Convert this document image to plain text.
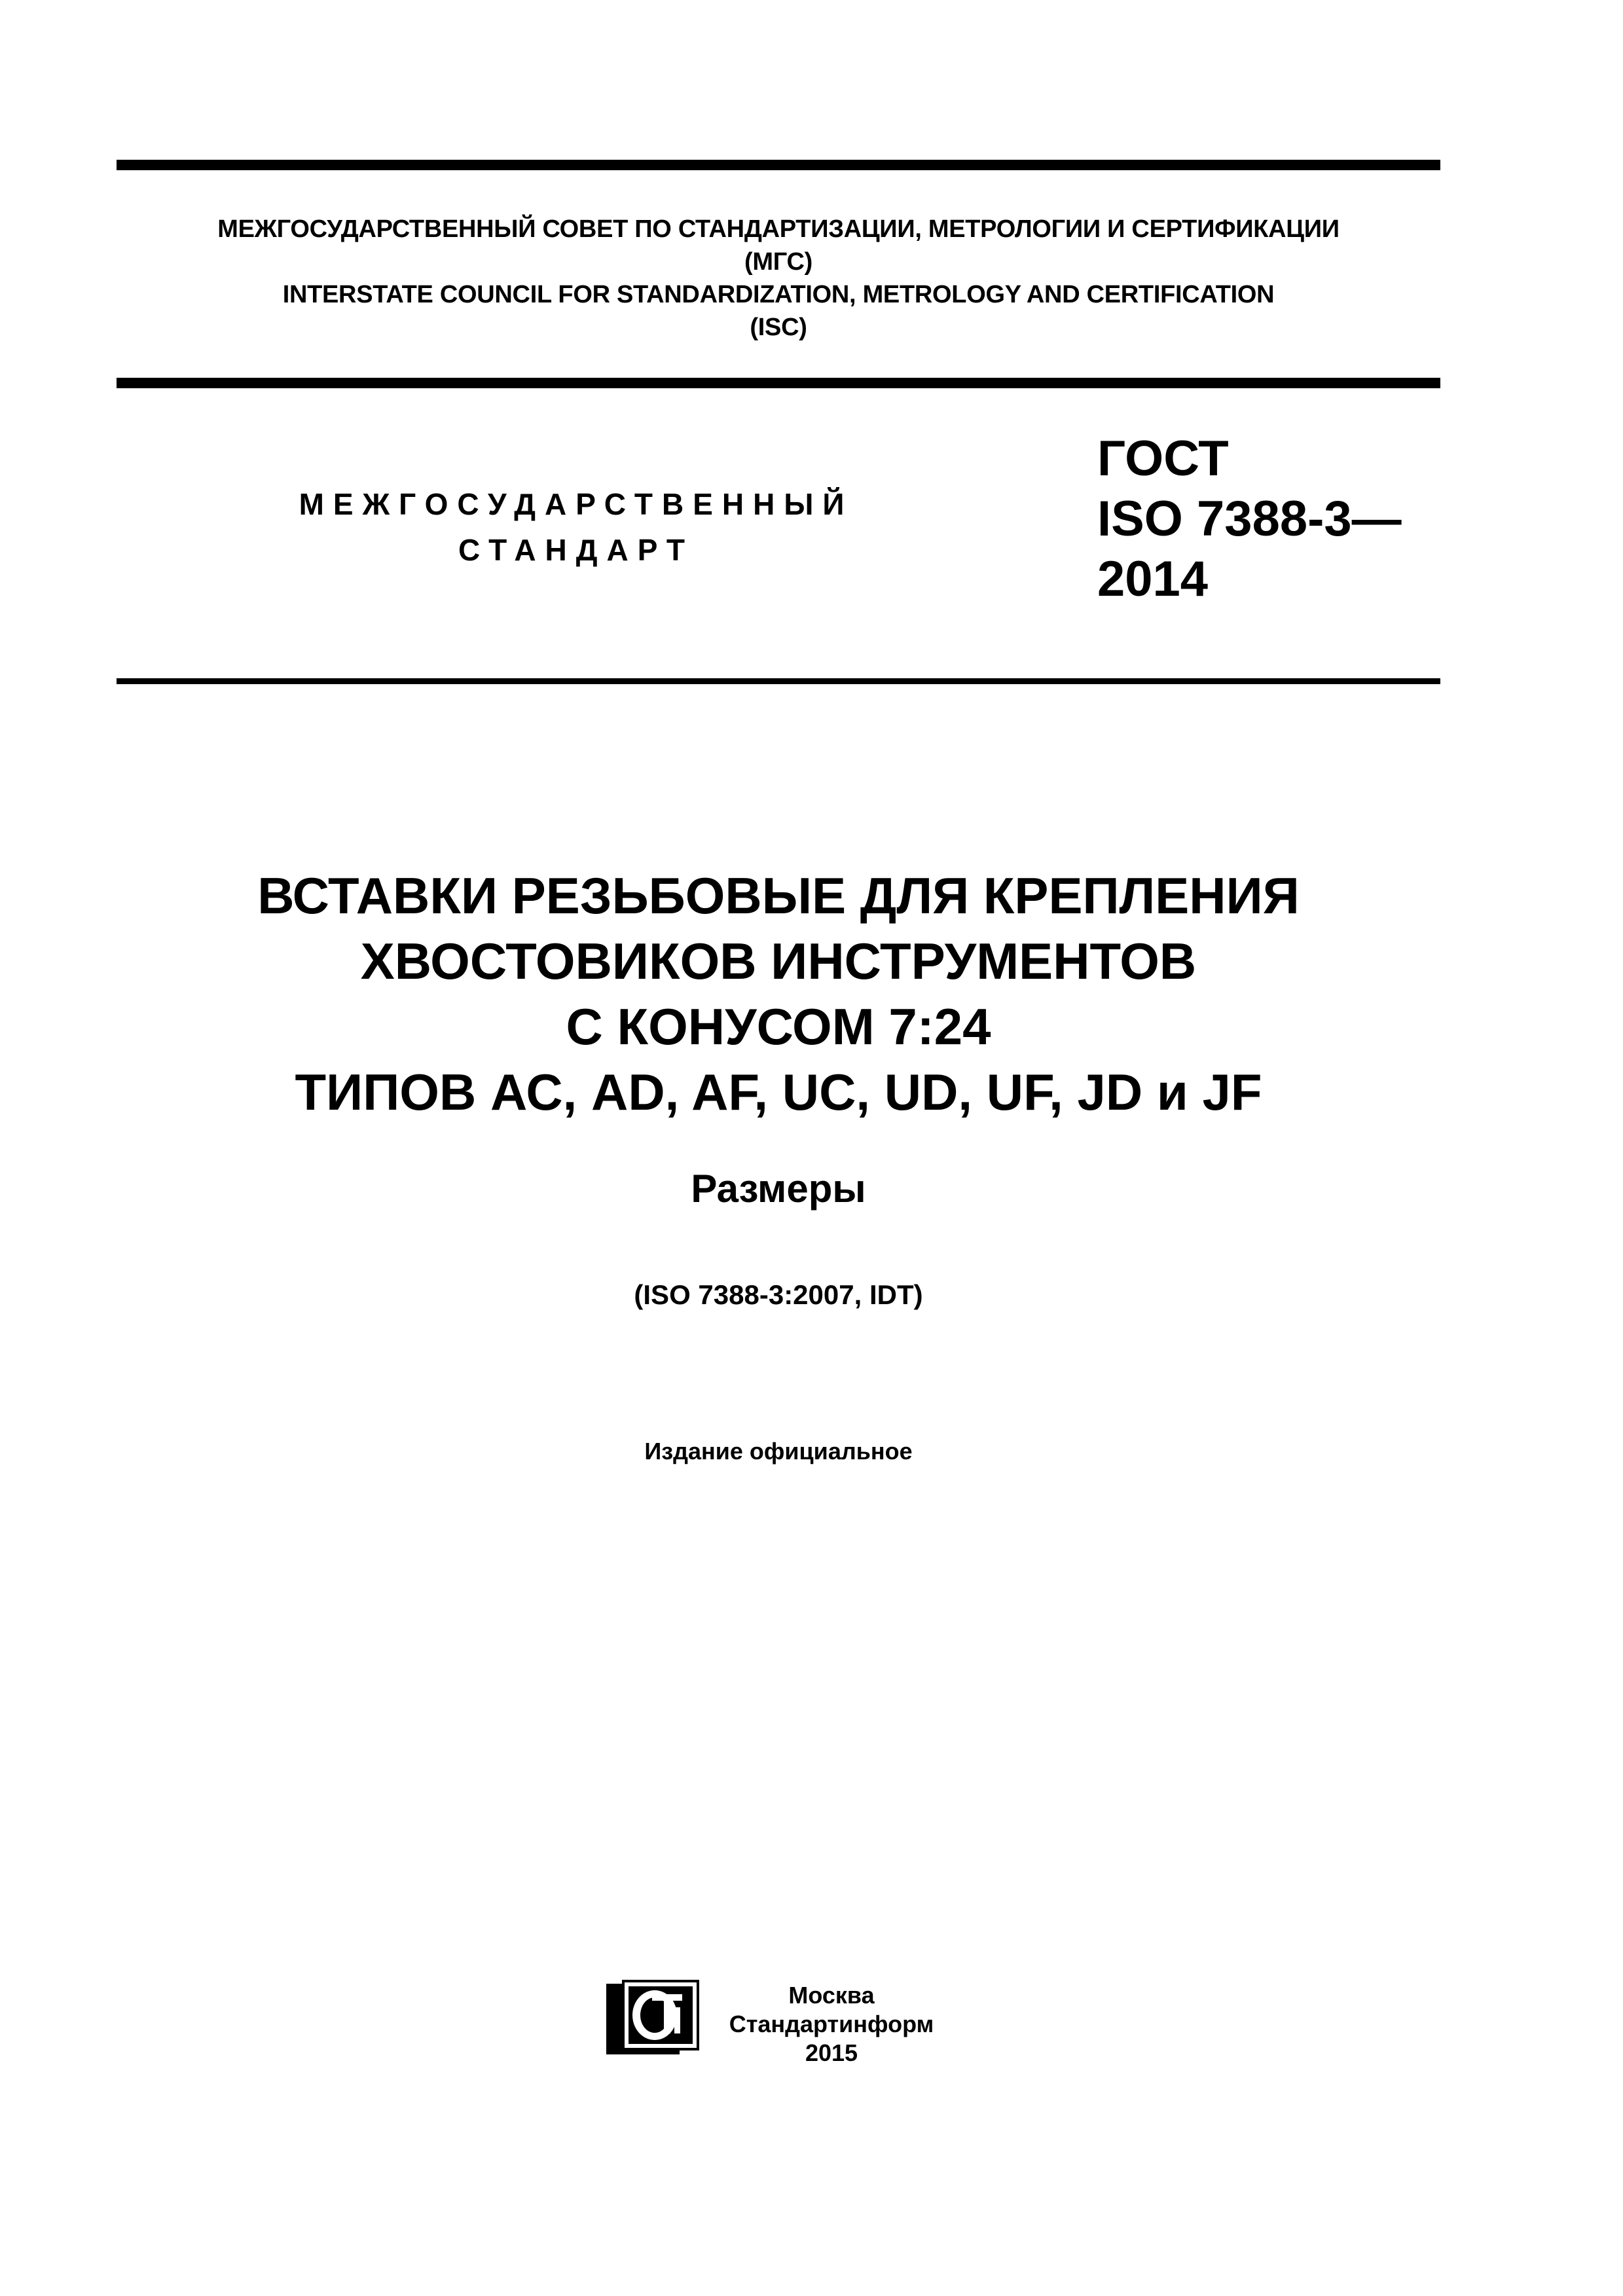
МЕЖГОСУДАРСТВЕННЫЙ СОВЕТ ПО СТАНДАРТИЗАЦИИ, МЕТРОЛОГИИ И СЕРТИФИКАЦИИ
(МГС)
INTERSTATE COUNCIL FOR STANDARDIZATION, METROLOGY AND CERTIFICATION
(ISC)
МЕЖГОСУДАРСТВЕННЫЙ
СТАНДАРТ
ГОСТ
ISO 7388-3—
2014
ВСТАВКИ РЕЗЬБОВЫЕ ДЛЯ КРЕПЛЕНИЯ
ХВОСТОВИКОВ ИНСТРУМЕНТОВ
С КОНУСОМ 7:24
ТИПОВ АС, AD, AF, UC, UD, UF, JD и JF
Размеры
(ISO 7388-3:2007, IDT)
Издание официальное
Москва
Стандартинформ
2015
